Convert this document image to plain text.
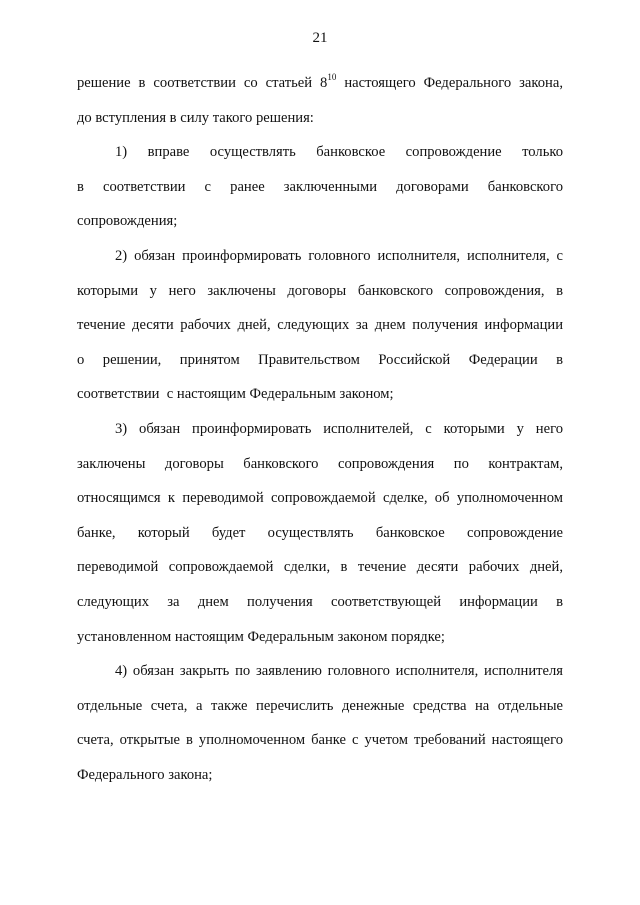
21
решение в соответствии со статьей $8^{10}$ настоящего Федерального закона,
до вступления в силу такого решения:
1) вправе осуществлять банковское сопровождение только
в соответствии с ранее заключенными договорами банковского
сопровождения;
2) обязан проинформировать головного исполнителя, исполнителя, с
которыми у него заключены договоры банковского сопровождения, в
течение десяти рабочих дней, следующих за днем получения информации
о решении, принятом Правительством Российской Федерации в
соответствии  с настоящим Федеральным законом;
3) обязан проинформировать исполнителей, с которыми у него
заключены договоры банковского сопровождения по контрактам,
относящимся к переводимой сопровождаемой сделке, об уполномоченном
банке, который будет осуществлять банковское сопровождение
переводимой сопровождаемой сделки, в течение десяти рабочих дней,
следующих за днем получения соответствующей информации в
установленном настоящим Федеральным законом порядке;
4) обязан закрыть по заявлению головного исполнителя, исполнителя
отдельные счета, а также перечислить денежные средства на отдельные
счета, открытые в уполномоченном банке с учетом требований настоящего
Федерального закона;
